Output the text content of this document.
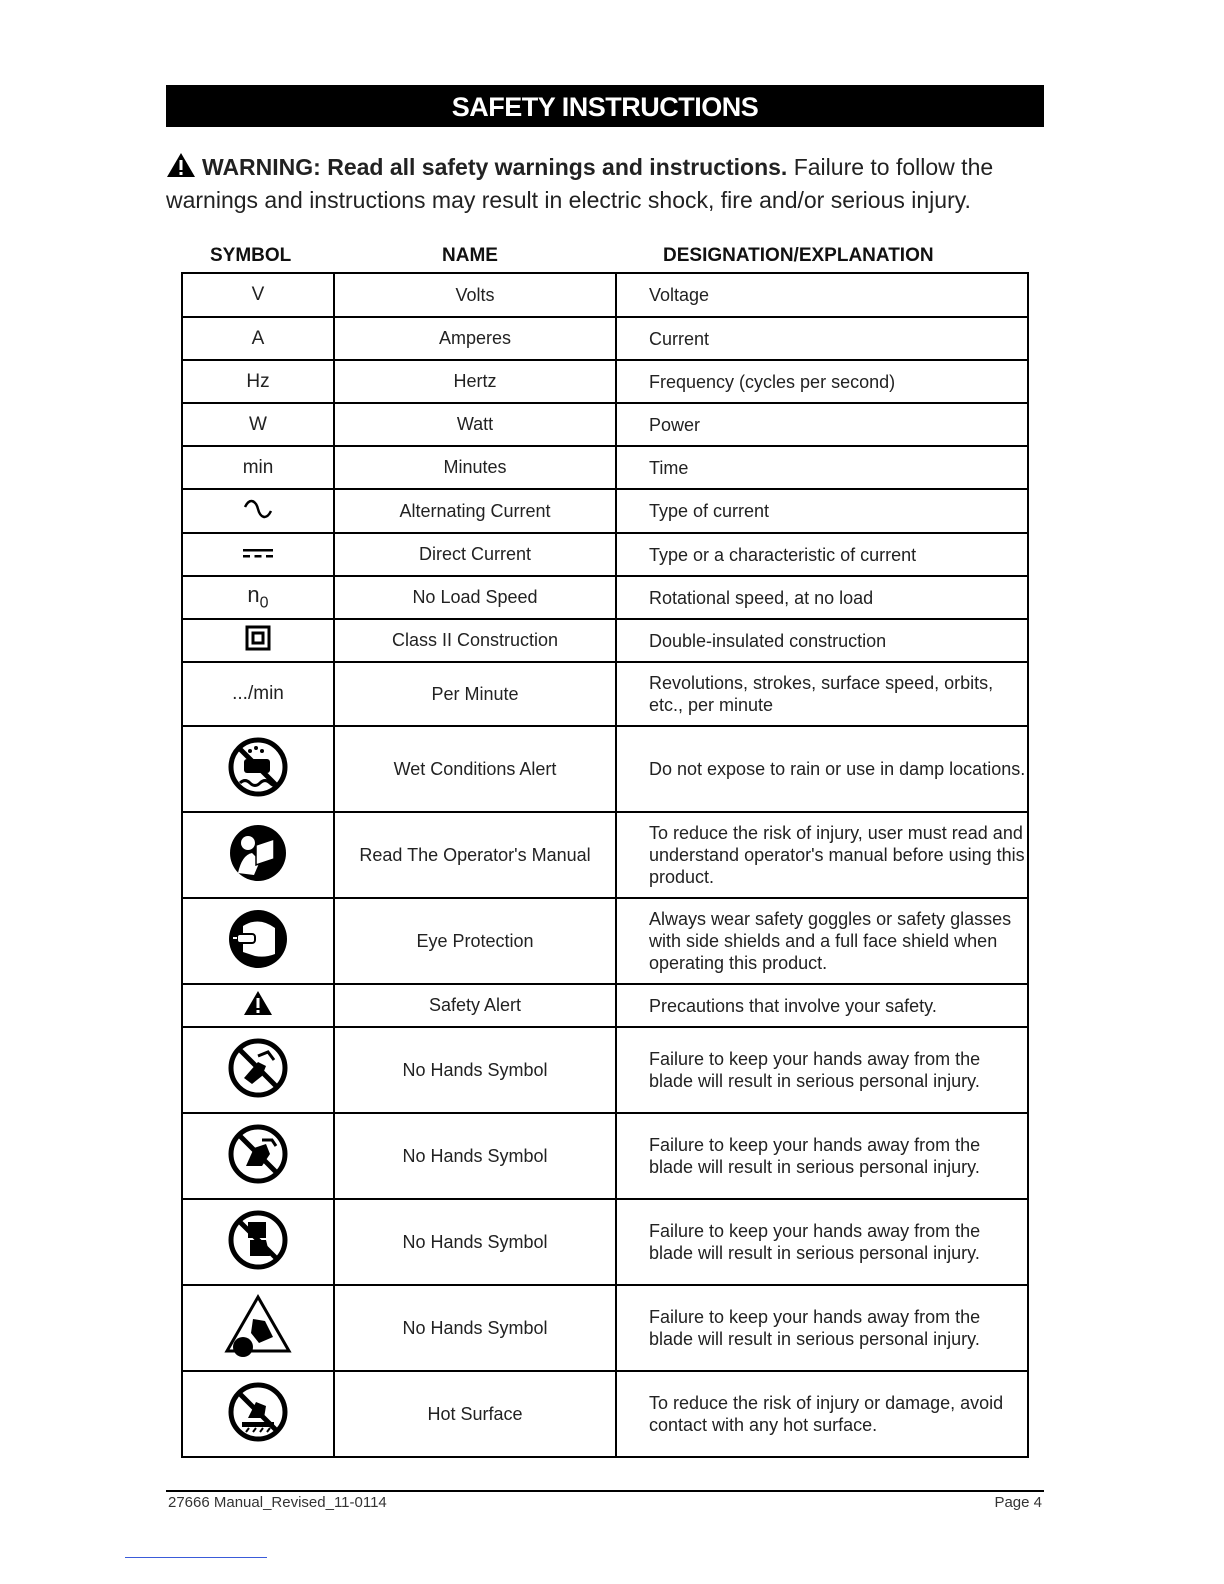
SAFETY INSTRUCTIONS
WARNING: Read all safety warnings and instructions. Failure to follow the warnings and instructions may result in electric shock, fire and/or serious injury.
SYMBOL	NAME	DESIGNATION/EXPLANATION
V	Volts	Voltage
A	Amperes	Current
Hz	Hertz	Frequency (cycles per second)
W	Watt	Power
min	Minutes	Time
	Alternating Current	Type of current
	Direct Current	Type or a characteristic of current
$n_0$	No Load Speed	Rotational speed, at no load
	Class II Construction	Double-insulated construction
.../min	Per Minute	Revolutions, strokes, surface speed, orbits, etc., per minute
	Wet Conditions Alert	Do not expose to rain or use in damp locations.
	Read The Operator's Manual	To reduce the risk of injury, user must read and understand operator's manual before using this product.
	Eye Protection	Always wear safety goggles or safety glasses with side shields and a full face shield when operating this product.
	Safety Alert	Precautions that involve your safety.
	No Hands Symbol	Failure to keep your hands away from the blade will result in serious personal injury.
	No Hands Symbol	Failure to keep your hands away from the blade will result in serious personal injury.
	No Hands Symbol	Failure to keep your hands away from the blade will result in serious personal injury.
	No Hands Symbol	Failure to keep your hands away from the blade will result in serious personal injury.
	Hot Surface	To reduce the risk of injury or damage, avoid contact with any hot surface.
27666 Manual_Revised_11-0114	Page 4
